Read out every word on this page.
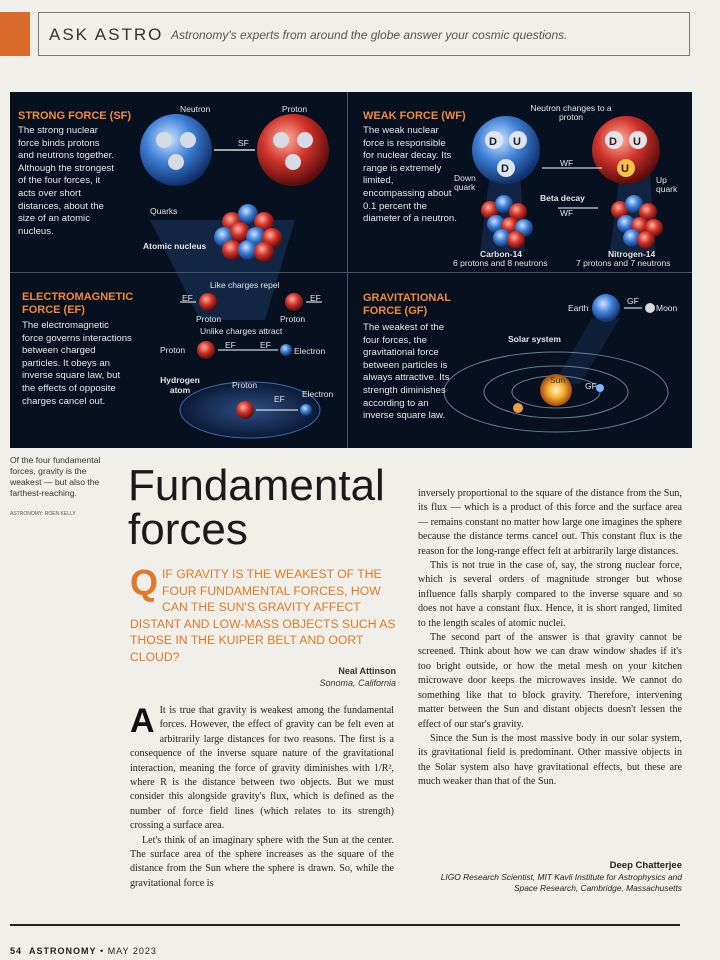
ASK ASTRO Astronomy's experts from around the globe answer your cosmic questions.
STRONG FORCE (SF)
The strong nuclear force binds protons and neutrons together. Although the strongest of the four forces, it acts over short distances, about the size of an atomic nucleus.
Neutron	Proton
SF
Quarks
Atomic nucleus
WEAK FORCE (WF)
The weak nuclear force is responsible for nuclear decay. Its range is extremely limited, encompassing about 0.1 percent the diameter of a neutron.
Neutron changes to a proton
Down quark
Up quark
WF
Beta decay
WF
D U
D
D U
U
Carbon-14
6 protons and 8 neutrons
Nitrogen-14
7 protons and 7 neutrons
ELECTROMAGNETIC FORCE (EF)
The electromagnetic force governs interactions between charged particles. It obeys an inverse square law, but the effects of opposite charges cancel out.
Like charges repel
EF	EF
Proton	Proton
Unlike charges attract
Proton	EF	EF
Electron
Hydrogen atom	Proton
Electron
EF
GRAVITATIONAL FORCE (GF)
The weakest of the four forces, the gravitational force between particles is always attractive. Its strength diminishes according to an inverse square law.
Earth	Moon
GF
Solar system
Sun
GF
Of the four fundamental forces, gravity is the weakest — but also the farthest-reaching.
ASTRONOMY: ROEN KELLY
Fundamental
forces
Q IF GRAVITY IS THE WEAKEST OF THE FOUR FUNDAMENTAL FORCES, HOW CAN THE SUN'S GRAVITY AFFECT DISTANT AND LOW-MASS OBJECTS SUCH AS THOSE IN THE KUIPER BELT AND OORT CLOUD?
Neal Attinson
Sonoma, California

A It is true that gravity is weakest among the fundamental forces. However, the effect of gravity can be felt even at arbitrarily large distances for two reasons. The first is a consequence of the inverse square nature of the gravitational interaction, meaning the force of gravity diminishes with 1/R², where R is the distance between two objects. But we must consider this alongside gravity's flux, which is defined as the number of force field lines (which relates to its strength) crossing a surface area.

Let's think of an imaginary sphere with the Sun at the center. The surface area of the sphere increases as the square of the distance from the Sun where the sphere is drawn. So, while the gravitational force is

inversely proportional to the square of the distance from the Sun, its flux — which is a product of this force and the surface area — remains constant no matter how large one imagines the sphere because the distance terms cancel out. This constant flux is the reason for the long-range effect felt at arbitrarily large distances.

This is not true in the case of, say, the strong nuclear force, which is several orders of magnitude stronger but whose influence falls sharply compared to the inverse square and so does not have a constant flux. Hence, it is short ranged, limited to the length scales of atomic nuclei.

The second part of the answer is that gravity cannot be screened. Think about how we can draw window shades if it's too bright outside, or how the metal mesh on your kitchen microwave door keeps the microwaves inside. We cannot do something like that to block gravity. Therefore, intervening matter between the Sun and distant objects doesn't lessen the effect of our star's gravity.

Since the Sun is the most massive body in our solar system, its gravitational field is predominant. Other massive objects in the Solar system also have gravitational effects, but these are much weaker than that of the Sun.

Deep Chatterjee
LIGO Research Scientist, MIT Kavli Institute for Astrophysics and Space Research, Cambridge, Massachusetts
54 ASTRONOMY • MAY 2023
